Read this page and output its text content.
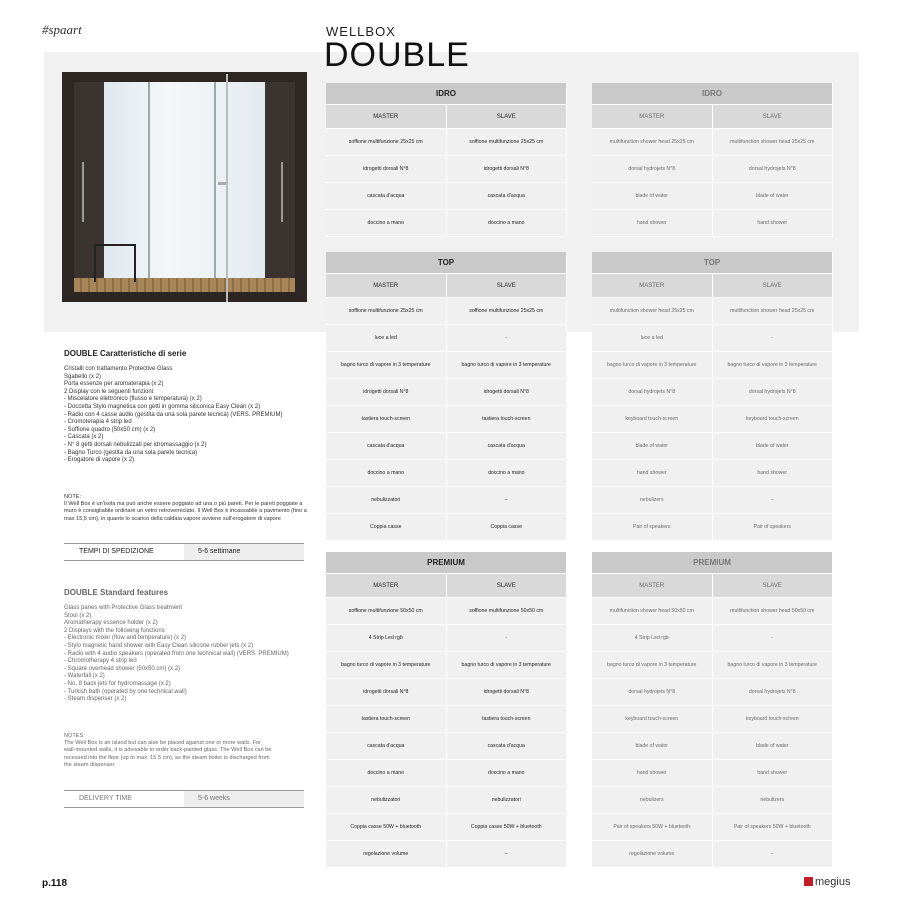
#spaart	WELLBOX
DOUBLE
DOUBLE Caratteristiche di serie
Cristalli con trattamento Protective Glass
Sgabello (x 2)
Porta essenze per aromaterapia (x 2)
2 Display con le seguenti funzioni:
- Miscelatore elettronico (flusso e temperatura) (x 2)
- Doccetta Stylo magnetica con getti in gomma siliconica Easy Clean (x 2)
- Radio con 4 casse audio (gestita da una sola parete tecnica) (VERS. PREMIUM)
- Cromoterapia 4 strip led
- Soffione quadro (50x50 cm) (x 2)
- Cascata (x 2)
- N° 8 getti dorsali nebulizzati per idromassaggio (x 2)
- Bagno Turco (gestita da una sola parete tecnica)
- Erogatore di vapore (x 2)
NOTE:
Il Well Box è un'isola ma può anche essere poggiato ad una o più pareti. Per le pareti poggiate a
muro è consigliabile ordinare un vetro retroverniciato. Il Well Box è incassabile a pavimento (fino a
max 15,5 cm), in quanto lo scarico della caldaia vapore avviene sull'erogatore di vapore
TEMPI DI SPEDIZIONE	5-6 settimane
DOUBLE Standard features
Glass panes with Protective Glass treatment
Stool (x 2)
Aromatherapy essence holder (x 2)
2 Displays with the following functions
- Electronic mixer (flow and temperature) (x 2)
- Stylo magnetic hand shower with Easy Clean silicone rubber jets (x 2)
- Radio with 4 audio speakers (operated from one technical wall) (VERS. PREMIUM)
- Chromotherapy 4 strip led
- Square overhead shower (50x50 cm) (x 2)
- Waterfall (x 2)
- No. 8 back jets for hydromassage (x 2)
- Turkish bath (operated by one technical wall)
- Steam dispenser (x 2)
NOTES:
The Well Box is an island but can also be placed against one or more walls. For
wall-mounted walls, it is advisable to order back-painted glass. The Well Box can be
recessed into the floor (up to max. 15.5 cm), as the steam boiler is discharged from
the steam dispenser.
DELIVERY TIME	5-6 weeks
IDRO	
MASTER	SLAVE
soffione multifunzione 25x25 cm	soffione multifunzione 25x25 cm
idrogetti dorsali N°8	idrogetti dorsali N°8
cascata d'acqua	cascata d'acqua
doccino a mano	doccino a mano
IDRO	
MASTER	SLAVE
multifunction shower head 25x25 cm	multifunction shower head 25x25 cm
dorsal hydrojets N°8	dorsal hydrojets N°8
blade of water	blade of water
hand shower	hand shower
TOP	
MASTER	SLAVE
soffione multifunzione 25x25 cm	soffione multifunzione 25x25 cm
luce a led	-
bagno turco di vapore in 3 temperature	bagno turco di vapore in 3 temperature
idrogetti dorsali N°8	idrogetti dorsali N°8
tastiera touch-screen	tastiera touch-screen
cascata d'acqua	cascata d'acqua
doccino a mano	doccino a mano
nebulizzatori	–
Coppia casse	Coppia casse
TOP	
MASTER	SLAVE
multifunction shower head 25x25 cm	multifunction shower head 25x25 cm
luce a led	-
bagno turco di vapore in 3 temperature	bagno turco di vapore in 3 temperature
dorsal hydrojets N°8	dorsal hydrojets N°8
keyboard touch-screen	keyboard touch-screen
blade of water	blade of water
hand shower	hand shower
nebulizers	–
Pair of speakers	Pair of speakers
PREMIUM	
MASTER	SLAVE
soffione multifunzione 50x50 cm	soffione multifunzione 50x50 cm
4 Strip Led rgb	-
bagno turco di vapore in 3 temperature	bagno turco di vapore in 3 temperature
idrogetti dorsali N°8	idrogetti dorsali N°8
tastiera touch-screen	tastiera touch-screen
cascata d'acqua	cascata d'acqua
doccino a mano	doccino a mano
nebulizzatori	nebulizzatori
Coppia casse 50W + bluetooth	Coppia casse 50W + bluetooth
regolazione volume	–
PREMIUM	
MASTER	SLAVE
multifunction shower head 50x50 cm	multifunction shower head 50x50 cm
4 Strip Led rgb	-
bagno turco di vapore in 3 temperature	bagno turco di vapore in 3 temperature
dorsal hydrojets N°8	dorsal hydrojets N°8
keyboard touch-screen	keyboard touch-screen
blade of water	blade of water
hand shower	hand shower
nebulizers	nebulizers
Pair of speakers 50W + bluetooth	Pair of speakers 50W + bluetooth
regolazione volume	–
p.118	megius
